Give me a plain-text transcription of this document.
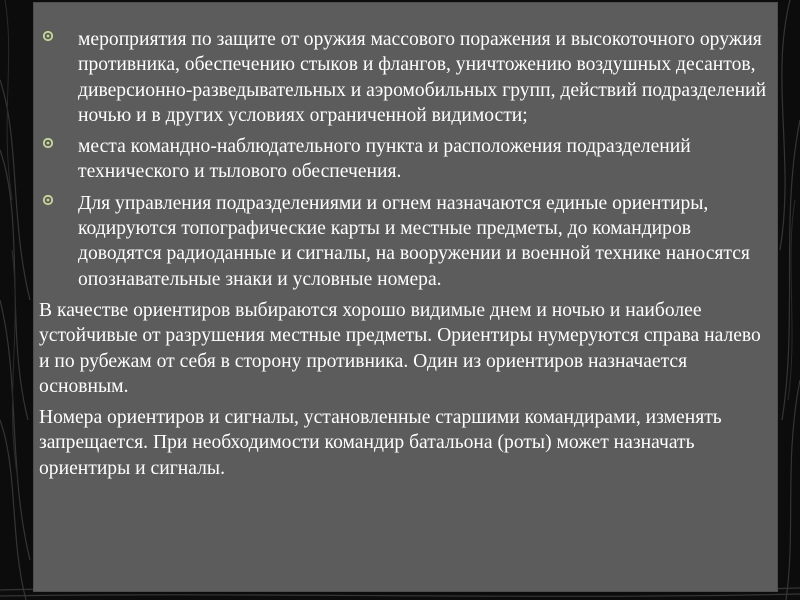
мероприятия по защите от оружия массового поражения и высокоточного оружия противника, обеспечению стыков и флангов, уничтожению воздушных десантов, диверсионно-разведывательных и аэромобильных групп, действий подразделений ночью и в других условиях ограниченной видимости;
места командно-наблюдательного пункта и расположения подразделений технического и тылового обеспечения.
Для управления подразделениями и огнем назначаются единые ориентиры, кодируются топографические карты и местные предметы, до командиров доводятся радиоданные и сигналы, на вооружении и военной технике наносятся опознавательные знаки и условные номера.

В качестве ориентиров выбираются хорошо видимые днем и ночью и наиболее устойчивые от разрушения местные предметы. Ориентиры нумеруются справа налево и по рубежам от себя в сторону противника. Один из ориентиров назначается основным.

Номера ориентиров и сигналы, установленные старшими командирами, изменять запрещается. При необходимости командир батальона (роты) может назначать ориентиры и сигналы.
